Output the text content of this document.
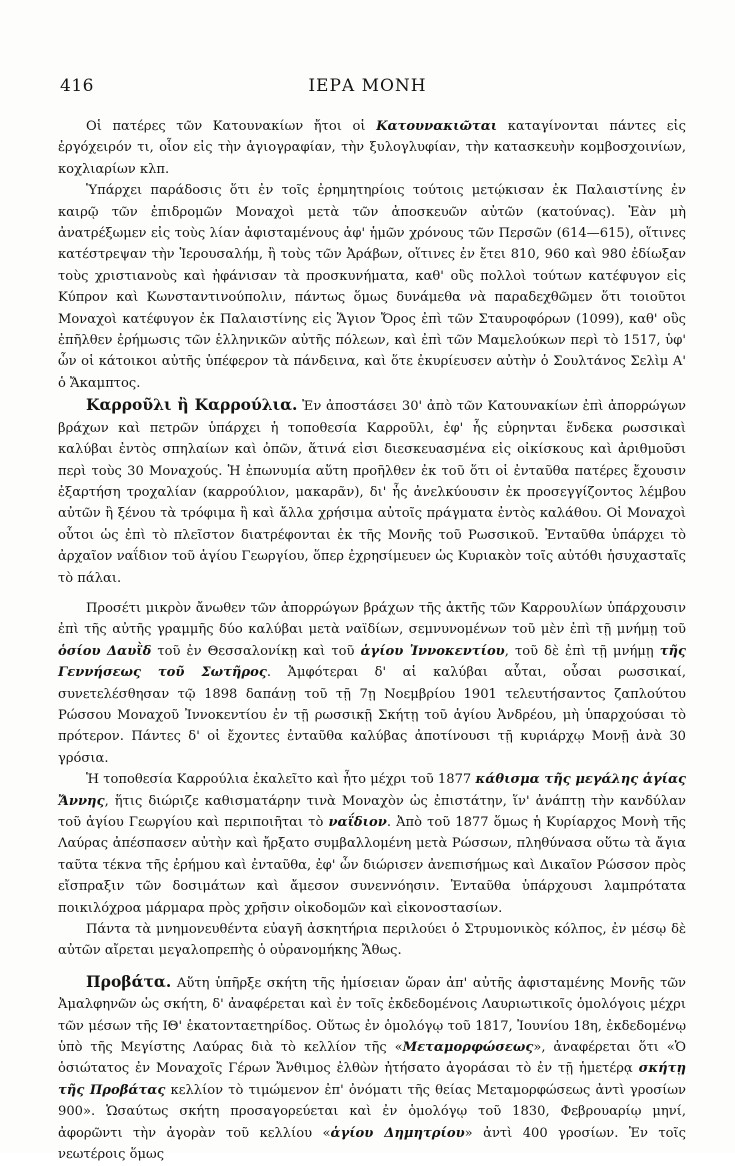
416	ΙΕΡΑ ΜΟΝΗ

Οἱ πατέρες τῶν Κατουνακίων ἤτοι οἱ Κατουνακιῶται καταγίνονται πάντες εἰς ἐργόχειρόν τι, οἷον εἰς τὴν ἁγιογραφίαν, τὴν ξυλογλυφίαν, τὴν κατασκευὴν κομβοσχοινίων, κοχλιαρίων κλπ.

Ὑπάρχει παράδοσις ὅτι ἐν τοῖς ἐρημητηρίοις τούτοις μετῴκισαν ἐκ Παλαιστίνης ἐν καιρῷ τῶν ἐπιδρομῶν Μοναχοὶ μετὰ τῶν ἀποσκευῶν αὐτῶν (κατούνας). Ἐὰν μὴ ἀνατρέξωμεν εἰς τοὺς λίαν ἀφισταμένους ἀφ' ἡμῶν χρόνους τῶν Περσῶν (614—615), οἵτινες κατέστρεψαν τὴν Ἱερουσαλήμ, ἢ τοὺς τῶν Ἀράβων, οἵτινες ἐν ἔτει 810, 960 καὶ 980 ἐδίωξαν τοὺς χριστιανοὺς καὶ ἠφάνισαν τὰ προσκυνήματα, καθ' οὓς πολλοὶ τούτων κατέφυγον εἰς Κύπρον καὶ Κωνσταντινούπολιν, πάντως ὅμως δυνάμεθα νὰ παραδεχθῶμεν ὅτι τοιοῦτοι Μοναχοὶ κατέφυγον ἐκ Παλαιστίνης εἰς Ἅγιον Ὄρος ἐπὶ τῶν Σταυροφόρων (1099), καθ' οὓς ἐπῆλθεν ἐρήμωσις τῶν ἑλληνικῶν αὐτῆς πόλεων, καὶ ἐπὶ τῶν Μαμελούκων περὶ τὸ 1517, ὑφ' ὧν οἱ κάτοικοι αὐτῆς ὑπέφερον τὰ πάνδεινα, καὶ ὅτε ἐκυρίευσεν αὐτὴν ὁ Σουλτάνος Σελὶμ Α' ὁ Ἄκαμπτος.

Καρροῦλι ἢ Καρρούλια. Ἐν ἀποστάσει 30' ἀπὸ τῶν Κατουνακίων ἐπὶ ἀπορρώγων βράχων καὶ πετρῶν ὑπάρχει ἡ τοποθεσία Καρροῦλι, ἐφ' ἧς εὑρηνται ἕνδεκα ρωσσικαὶ καλύβαι ἐντὸς σπηλαίων καὶ ὀπῶν, ἅτινά εἰσι διεσκευασμένα εἰς οἰκίσκους καὶ ἀριθμοῦσι περὶ τοὺς 30 Μοναχούς. Ἡ ἐπωνυμία αὕτη προῆλθεν ἐκ τοῦ ὅτι οἱ ἐνταῦθα πατέρες ἔχουσιν ἐξαρτήση τροχαλίαν (καρρούλιον, μακαρᾶν), δι' ἧς ἀνελκύουσιν ἐκ προσεγγίζοντος λέμβου αὐτῶν ἢ ξένου τὰ τρόφιμα ἢ καὶ ἄλλα χρήσιμα αὐτοῖς πράγματα ἐντὸς καλάθου. Οἱ Μοναχοὶ οὗτοι ὡς ἐπὶ τὸ πλεῖστον διατρέφονται ἐκ τῆς Μονῆς τοῦ Ρωσσικοῦ. Ἐνταῦθα ὑπάρχει τὸ ἀρχαῖον ναΐδιον τοῦ ἁγίου Γεωργίου, ὅπερ ἐχρησίμευεν ὡς Κυριακὸν τοῖς αὐτόθι ἡσυχασταῖς τὸ πάλαι.

Προσέτι μικρὸν ἄνωθεν τῶν ἀπορρώγων βράχων τῆς ἀκτῆς τῶν Καρρουλίων ὑπάρχουσιν ἐπὶ τῆς αὐτῆς γραμμῆς δύο καλύβαι μετὰ ναϊδίων, σεμνυνομένων τοῦ μὲν ἐπὶ τῇ μνήμῃ τοῦ ὁσίου Δαυῒδ τοῦ ἐν Θεσσαλονίκῃ καὶ τοῦ ἁγίου Ἰννοκεντίου, τοῦ δὲ ἐπὶ τῇ μνήμῃ τῆς Γεννήσεως τοῦ Σωτῆρος. Ἀμφότεραι δ' αἱ καλύβαι αὗται, οὖσαι ρωσσικαί, συνετελέσθησαν τῷ 1898 δαπάνῃ τοῦ τῇ 7ῃ Νοεμβρίου 1901 τελευτήσαντος ζαπλούτου Ρώσσου Μοναχοῦ Ἰννοκεντίου ἐν τῇ ρωσσικῇ Σκήτῃ τοῦ ἁγίου Ἀνδρέου, μὴ ὑπαρχούσαι τὸ πρότερον. Πάντες δ' οἱ ἔχοντες ἐνταῦθα καλύβας ἀποτίνουσι τῇ κυριάρχῳ Μονῇ ἀνὰ 30 γρόσια.

Ἡ τοποθεσία Καρρούλια ἐκαλεῖτο καὶ ἦτο μέχρι τοῦ 1877 κάθισμα τῆς μεγάλης ἁγίας Ἄννης, ἥτις διώριζε καθισματάρην τινὰ Μοναχὸν ὡς ἐπιστάτην, ἵν' ἀνάπτῃ τὴν κανδύλαν τοῦ ἁγίου Γεωργίου καὶ περιποιῆται τὸ ναΐδιον. Ἀπὸ τοῦ 1877 ὅμως ἡ Κυρίαρχος Μονὴ τῆς Λαύρας ἀπέσπασεν αὐτὴν καὶ ἤρξατο συμβαλλομένη μετὰ Ρώσσων, πληθύνασα οὕτω τὰ ἄγια ταῦτα τέκνα τῆς ἐρήμου καὶ ἐνταῦθα, ἐφ' ὧν διώρισεν ἀνεπισήμως καὶ Δικαῖον Ρώσσον πρὸς εἴσπραξιν τῶν δοσιμάτων καὶ ἄμεσον συνεννόησιν. Ἐνταῦθα ὑπάρχουσι λαμπρότατα ποικιλόχροα μάρμαρα πρὸς χρῆσιν οἰκοδομῶν καὶ εἰκονοστασίων.

Πάντα τὰ μνημονευθέντα εὐαγῆ ἀσκητήρια περιλούει ὁ Στρυμονικὸς κόλπος, ἐν μέσῳ δὲ αὐτῶν αἴρεται μεγαλοπρεπὴς ὁ οὐρανομήκης Ἄθως.

Προβάτα. Αὕτη ὑπῆρξε σκήτη τῆς ἡμίσειαν ὥραν ἀπ' αὐτῆς ἀφισταμένης Μονῆς τῶν Ἀμαλφηνῶν ὡς σκήτη, δ' ἀναφέρεται καὶ ἐν τοῖς ἐκδεδομένοις Λαυριωτικοῖς ὁμολόγοις μέχρι τῶν μέσων τῆς ΙΘ' ἑκατονταετηρίδος. Οὕτως ἐν ὁμολόγῳ τοῦ 1817, Ἰουνίου 18η, ἐκδεδομένῳ ὑπὸ τῆς Μεγίστης Λαύρας διὰ τὸ κελλίον τῆς «Μεταμορφώσεως», ἀναφέρεται ὅτι «Ὁ ὁσιώτατος ἐν Μοναχοῖς Γέρων Ἄνθιμος ἐλθὼν ἠτήσατο ἀγοράσαι τὸ ἐν τῇ ἡμετέρᾳ σκήτῃ τῆς Προβάτας κελλίον τὸ τιμώμενον ἐπ' ὀνόματι τῆς θείας Μεταμορφώσεως ἀντὶ γροσίων 900». Ὡσαύτως σκήτη προσαγορεύεται καὶ ἐν ὁμολόγῳ τοῦ 1830, Φεβρουαρίῳ μηνί, ἀφορῶντι τὴν ἀγορὰν τοῦ κελλίου «ἁγίου Δημητρίου» ἀντὶ 400 γροσίων. Ἐν τοῖς νεωτέροις ὅμως
